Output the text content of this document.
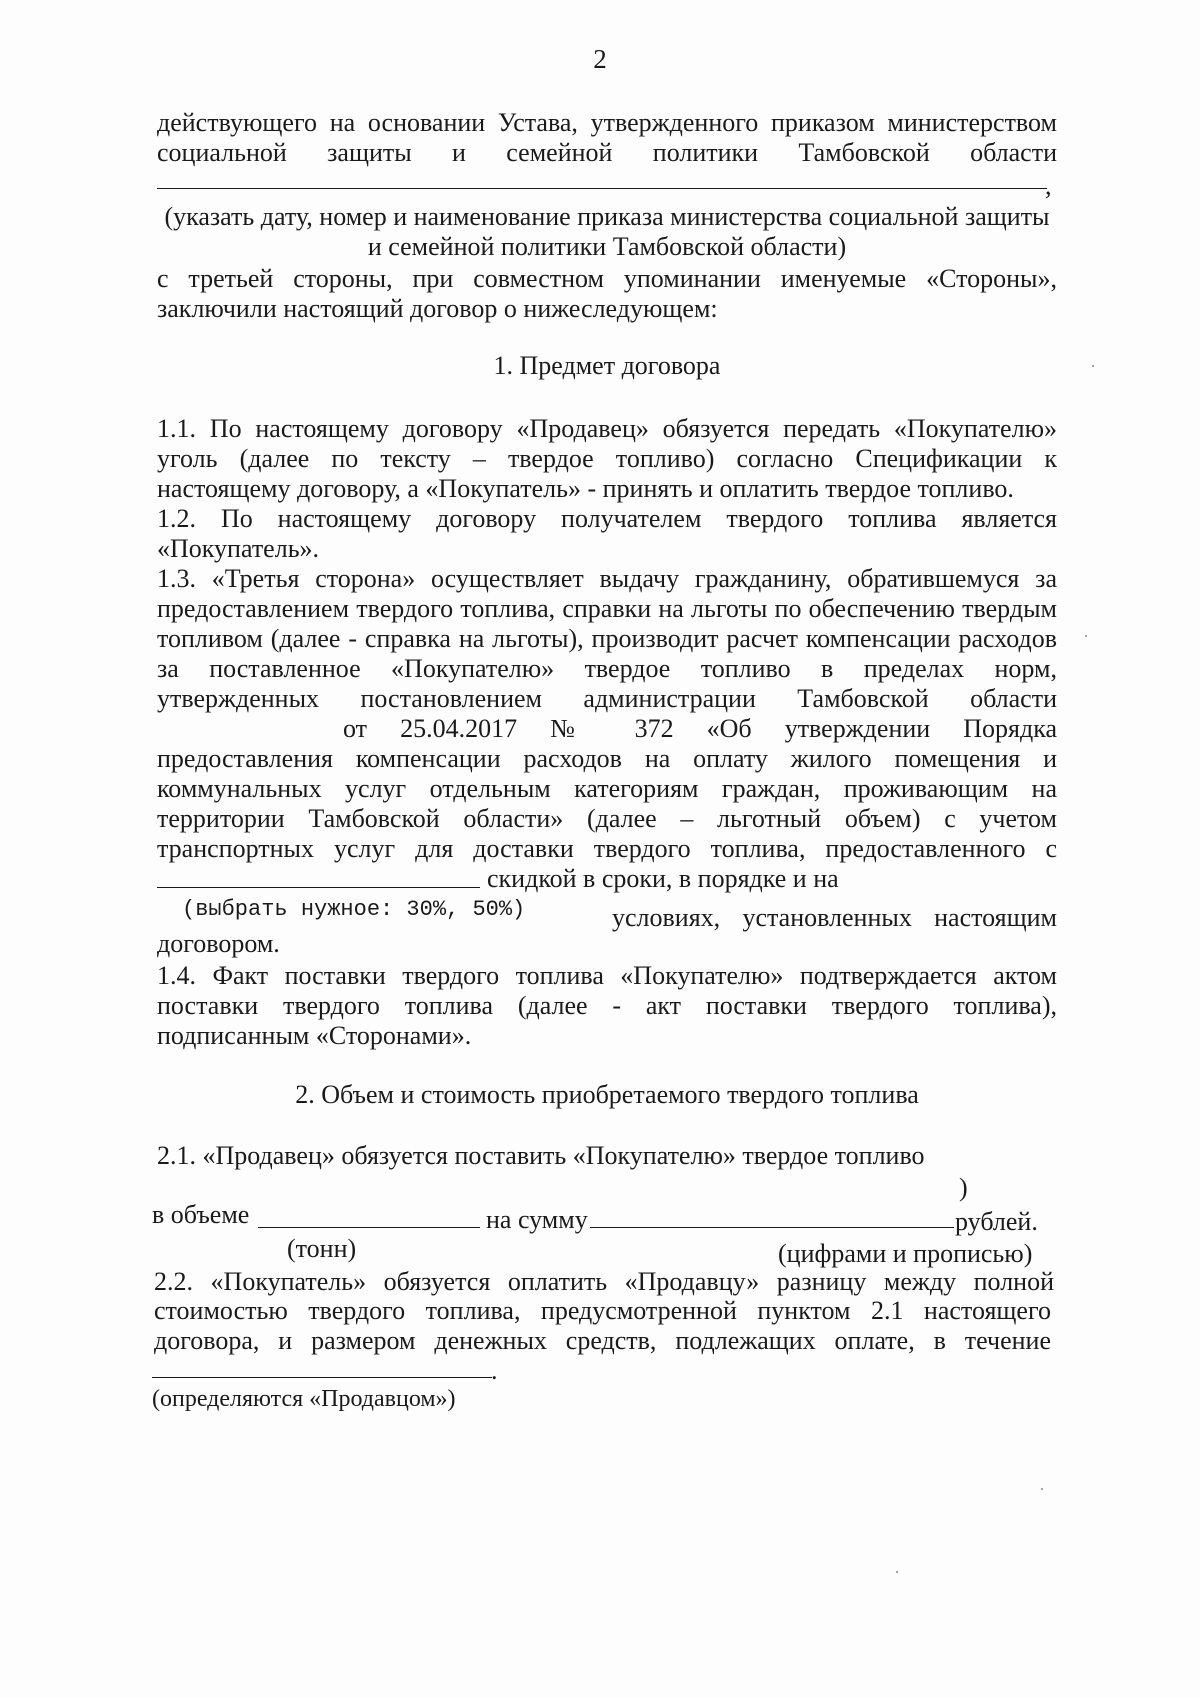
2
действующего на основании Устава, утвержденного приказом министерством
социальной защиты и семейной политики Тамбовской области
,
(указать дату, номер и наименование приказа министерства социальной защиты
и семейной политики Тамбовской области)
с третьей стороны, при совместном упоминании именуемые «Стороны»,
заключили настоящий договор о нижеследующем:
1. Предмет договора
1.1. По настоящему договору «Продавец» обязуется передать «Покупателю»
уголь (далее по тексту – твердое топливо) согласно Спецификации к
настоящему договору, а «Покупатель» - принять и оплатить твердое топливо.
1.2. По настоящему договору получателем твердого топлива является
«Покупатель».
1.3. «Третья сторона» осуществляет выдачу гражданину, обратившемуся за
предоставлением твердого топлива, справки на льготы по обеспечению твердым
топливом (далее - справка на льготы), производит расчет компенсации расходов
за поставленное «Покупателю» твердое топливо в пределах норм,
утвержденных постановлением администрации Тамбовской области
от 25.04.2017 № 372 «Об утверждении Порядка
предоставления компенсации расходов на оплату жилого помещения и
коммунальных услуг отдельным категориям граждан, проживающим на
территории Тамбовской области» (далее – льготный объем) с учетом
транспортных услуг для доставки твердого топлива, предоставленного с
скидкой в сроки, в порядке и на
(выбрать нужное: 30%, 50%)	условиях, установленных настоящим
договором.
1.4. Факт поставки твердого топлива «Покупателю» подтверждается актом
поставки твердого топлива (далее - акт поставки твердого топлива),
подписанным «Сторонами».
2. Объем и стоимость приобретаемого твердого топлива
2.1. «Продавец» обязуется поставить «Покупателю» твердое топливо
)
в объеме	на сумму	рублей.
(тонн)	(цифрами и прописью)
2.2. «Покупатель» обязуется оплатить «Продавцу» разницу между полной
стоимостью твердого топлива, предусмотренной пунктом 2.1 настоящего
договора, и размером денежных средств, подлежащих оплате, в течение
.
(определяются «Продавцом»)
